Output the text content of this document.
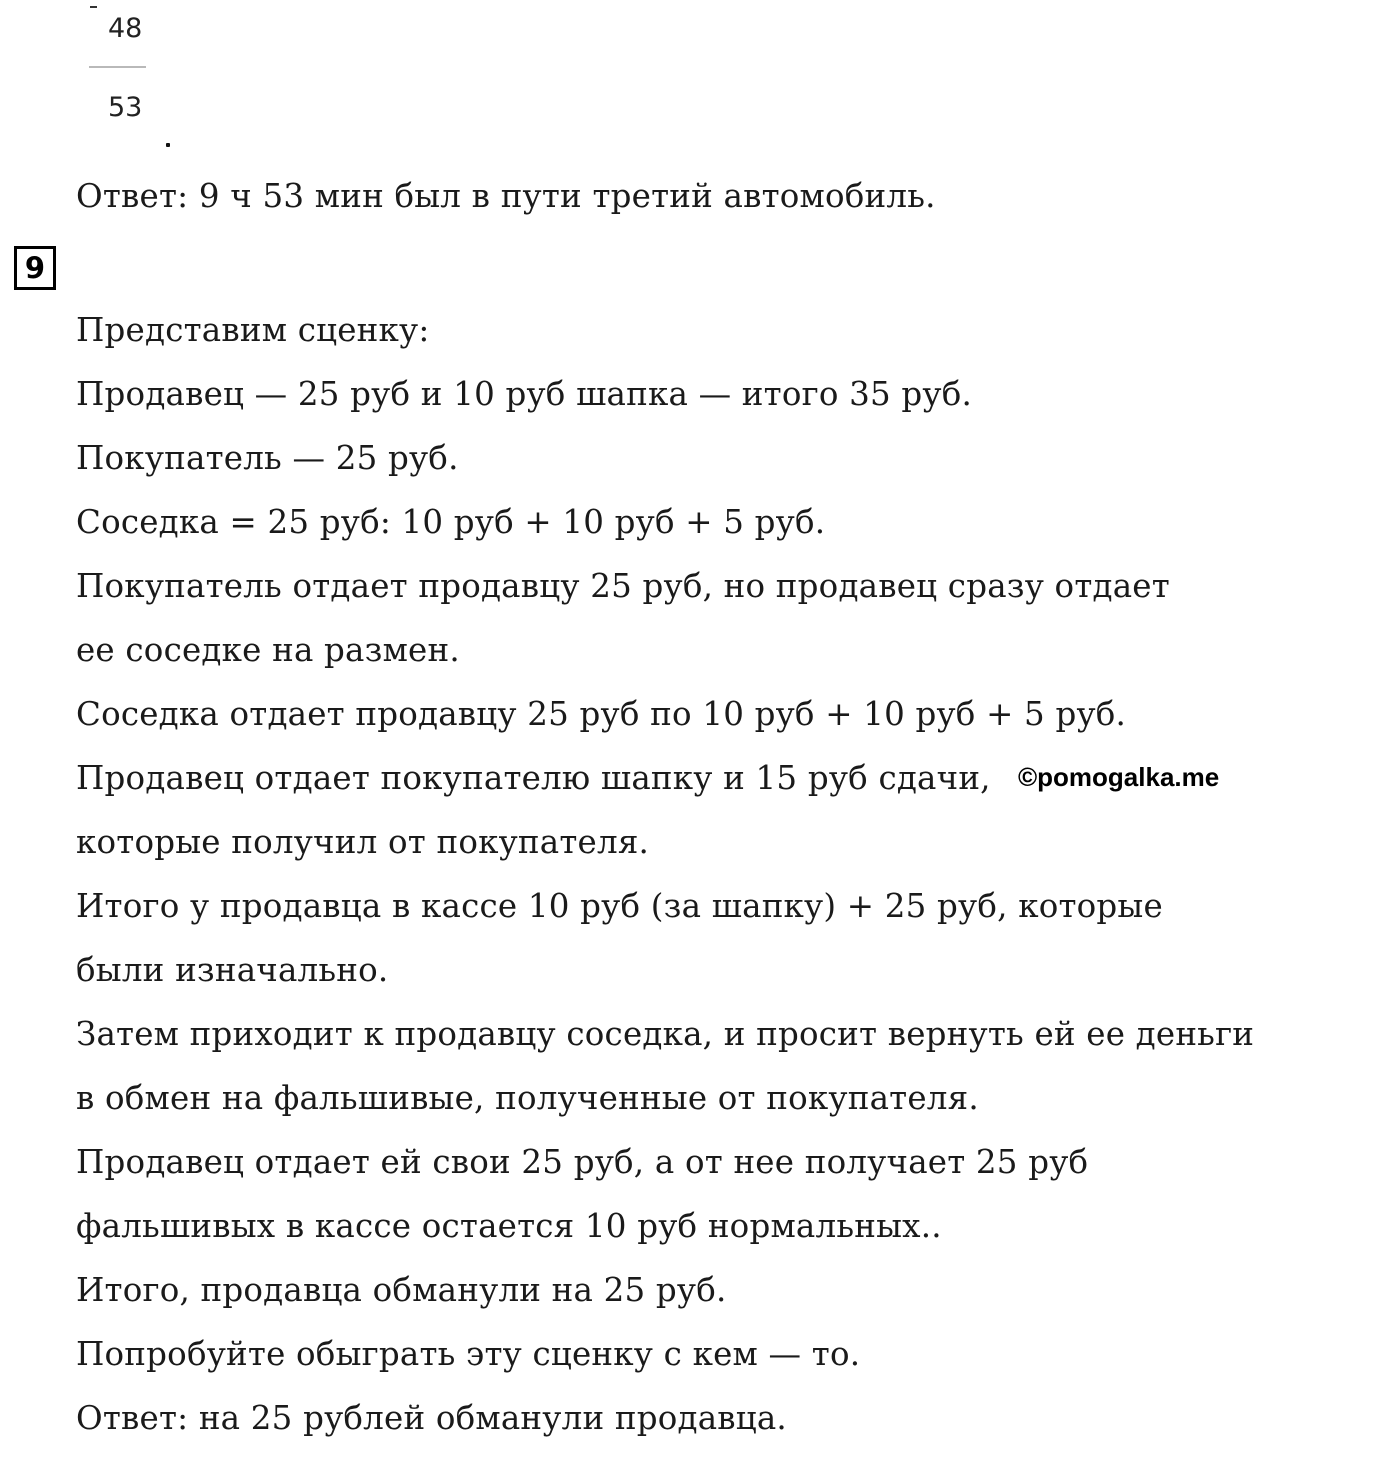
48
53
Ответ: 9 ч 53 мин был в пути третий автомобиль.
9
Представим сценку:
Продавец — 25 руб и 10 руб шапка — итого 35 руб.
Покупатель — 25 руб.
Соседка = 25 руб: 10 руб + 10 руб + 5 руб.
Покупатель отдает продавцу 25 руб, но продавец сразу отдает
ее соседке на размен.
Соседка отдает продавцу 25 руб по 10 руб + 10 руб + 5 руб.
Продавец отдает покупателю шапку и 15 руб сдачи,
которые получил от покупателя.
Итого у продавца в кассе 10 руб (за шапку) + 25 руб, которые
были изначально.
Затем приходит к продавцу соседка, и просит вернуть ей ее деньги
в обмен на фальшивые, полученные от покупателя.
Продавец отдает ей свои 25 руб, а от нее получает 25 руб
фальшивых в кассе остается 10 руб нормальных..
Итого, продавца обманули на 25 руб.
Попробуйте обыграть эту сценку с кем — то.
Ответ: на 25 рублей обманули продавца.
©pomogalka.me
